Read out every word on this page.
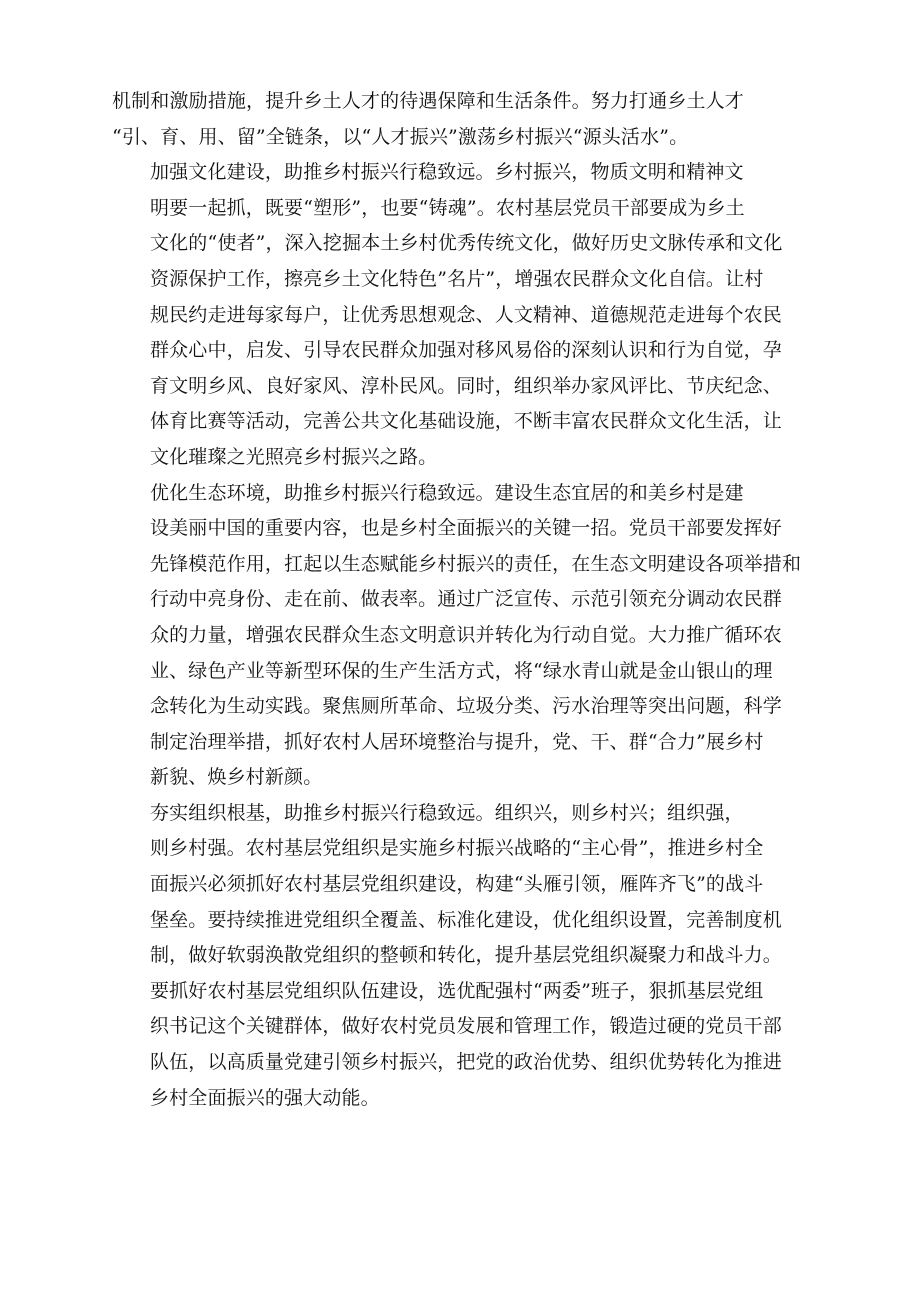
机制和激励措施，提升乡土人才的待遇保障和生活条件。努力打通乡土人才
“引、育、用、留”全链条，以“人才振兴”激荡乡村振兴“源头活水”。
加强文化建设，助推乡村振兴行稳致远。乡村振兴，物质文明和精神文
明要一起抓，既要“塑形”，也要“铸魂”。农村基层党员干部要成为乡土
文化的“使者”，深入挖掘本土乡村优秀传统文化，做好历史文脉传承和文化
资源保护工作，擦亮乡土文化特色”名片”，增强农民群众文化自信。让村
规民约走进每家每户，让优秀思想观念、人文精神、道德规范走进每个农民
群众心中，启发、引导农民群众加强对移风易俗的深刻认识和行为自觉，孕
育文明乡风、良好家风、淳朴民风。同时，组织举办家风评比、节庆纪念、
体育比赛等活动，完善公共文化基础设施，不断丰富农民群众文化生活，让
文化璀璨之光照亮乡村振兴之路。
优化生态环境，助推乡村振兴行稳致远。建设生态宜居的和美乡村是建
设美丽中国的重要内容，也是乡村全面振兴的关键一招。党员干部要发挥好
先锋模范作用，扛起以生态赋能乡村振兴的责任，在生态文明建设各项举措和
行动中亮身份、走在前、做表率。通过广泛宣传、示范引领充分调动农民群
众的力量，增强农民群众生态文明意识并转化为行动自觉。大力推广循环农
业、绿色产业等新型环保的生产生活方式，将“绿水青山就是金山银山的理
念转化为生动实践。聚焦厕所革命、垃圾分类、污水治理等突出问题，科学
制定治理举措，抓好农村人居环境整治与提升，党、干、群“合力”展乡村
新貌、焕乡村新颜。
夯实组织根基，助推乡村振兴行稳致远。组织兴，则乡村兴；组织强，
则乡村强。农村基层党组织是实施乡村振兴战略的“主心骨”，推进乡村全
面振兴必须抓好农村基层党组织建设，构建“头雁引领，雁阵齐飞”的战斗
堡垒。要持续推进党组织全覆盖、标准化建设，优化组织设置，完善制度机
制，做好软弱涣散党组织的整顿和转化，提升基层党组织凝聚力和战斗力。
要抓好农村基层党组织队伍建设，选优配强村“两委”班子，狠抓基层党组
织书记这个关键群体，做好农村党员发展和管理工作，锻造过硬的党员干部
队伍，以高质量党建引领乡村振兴，把党的政治优势、组织优势转化为推进
乡村全面振兴的强大动能。
